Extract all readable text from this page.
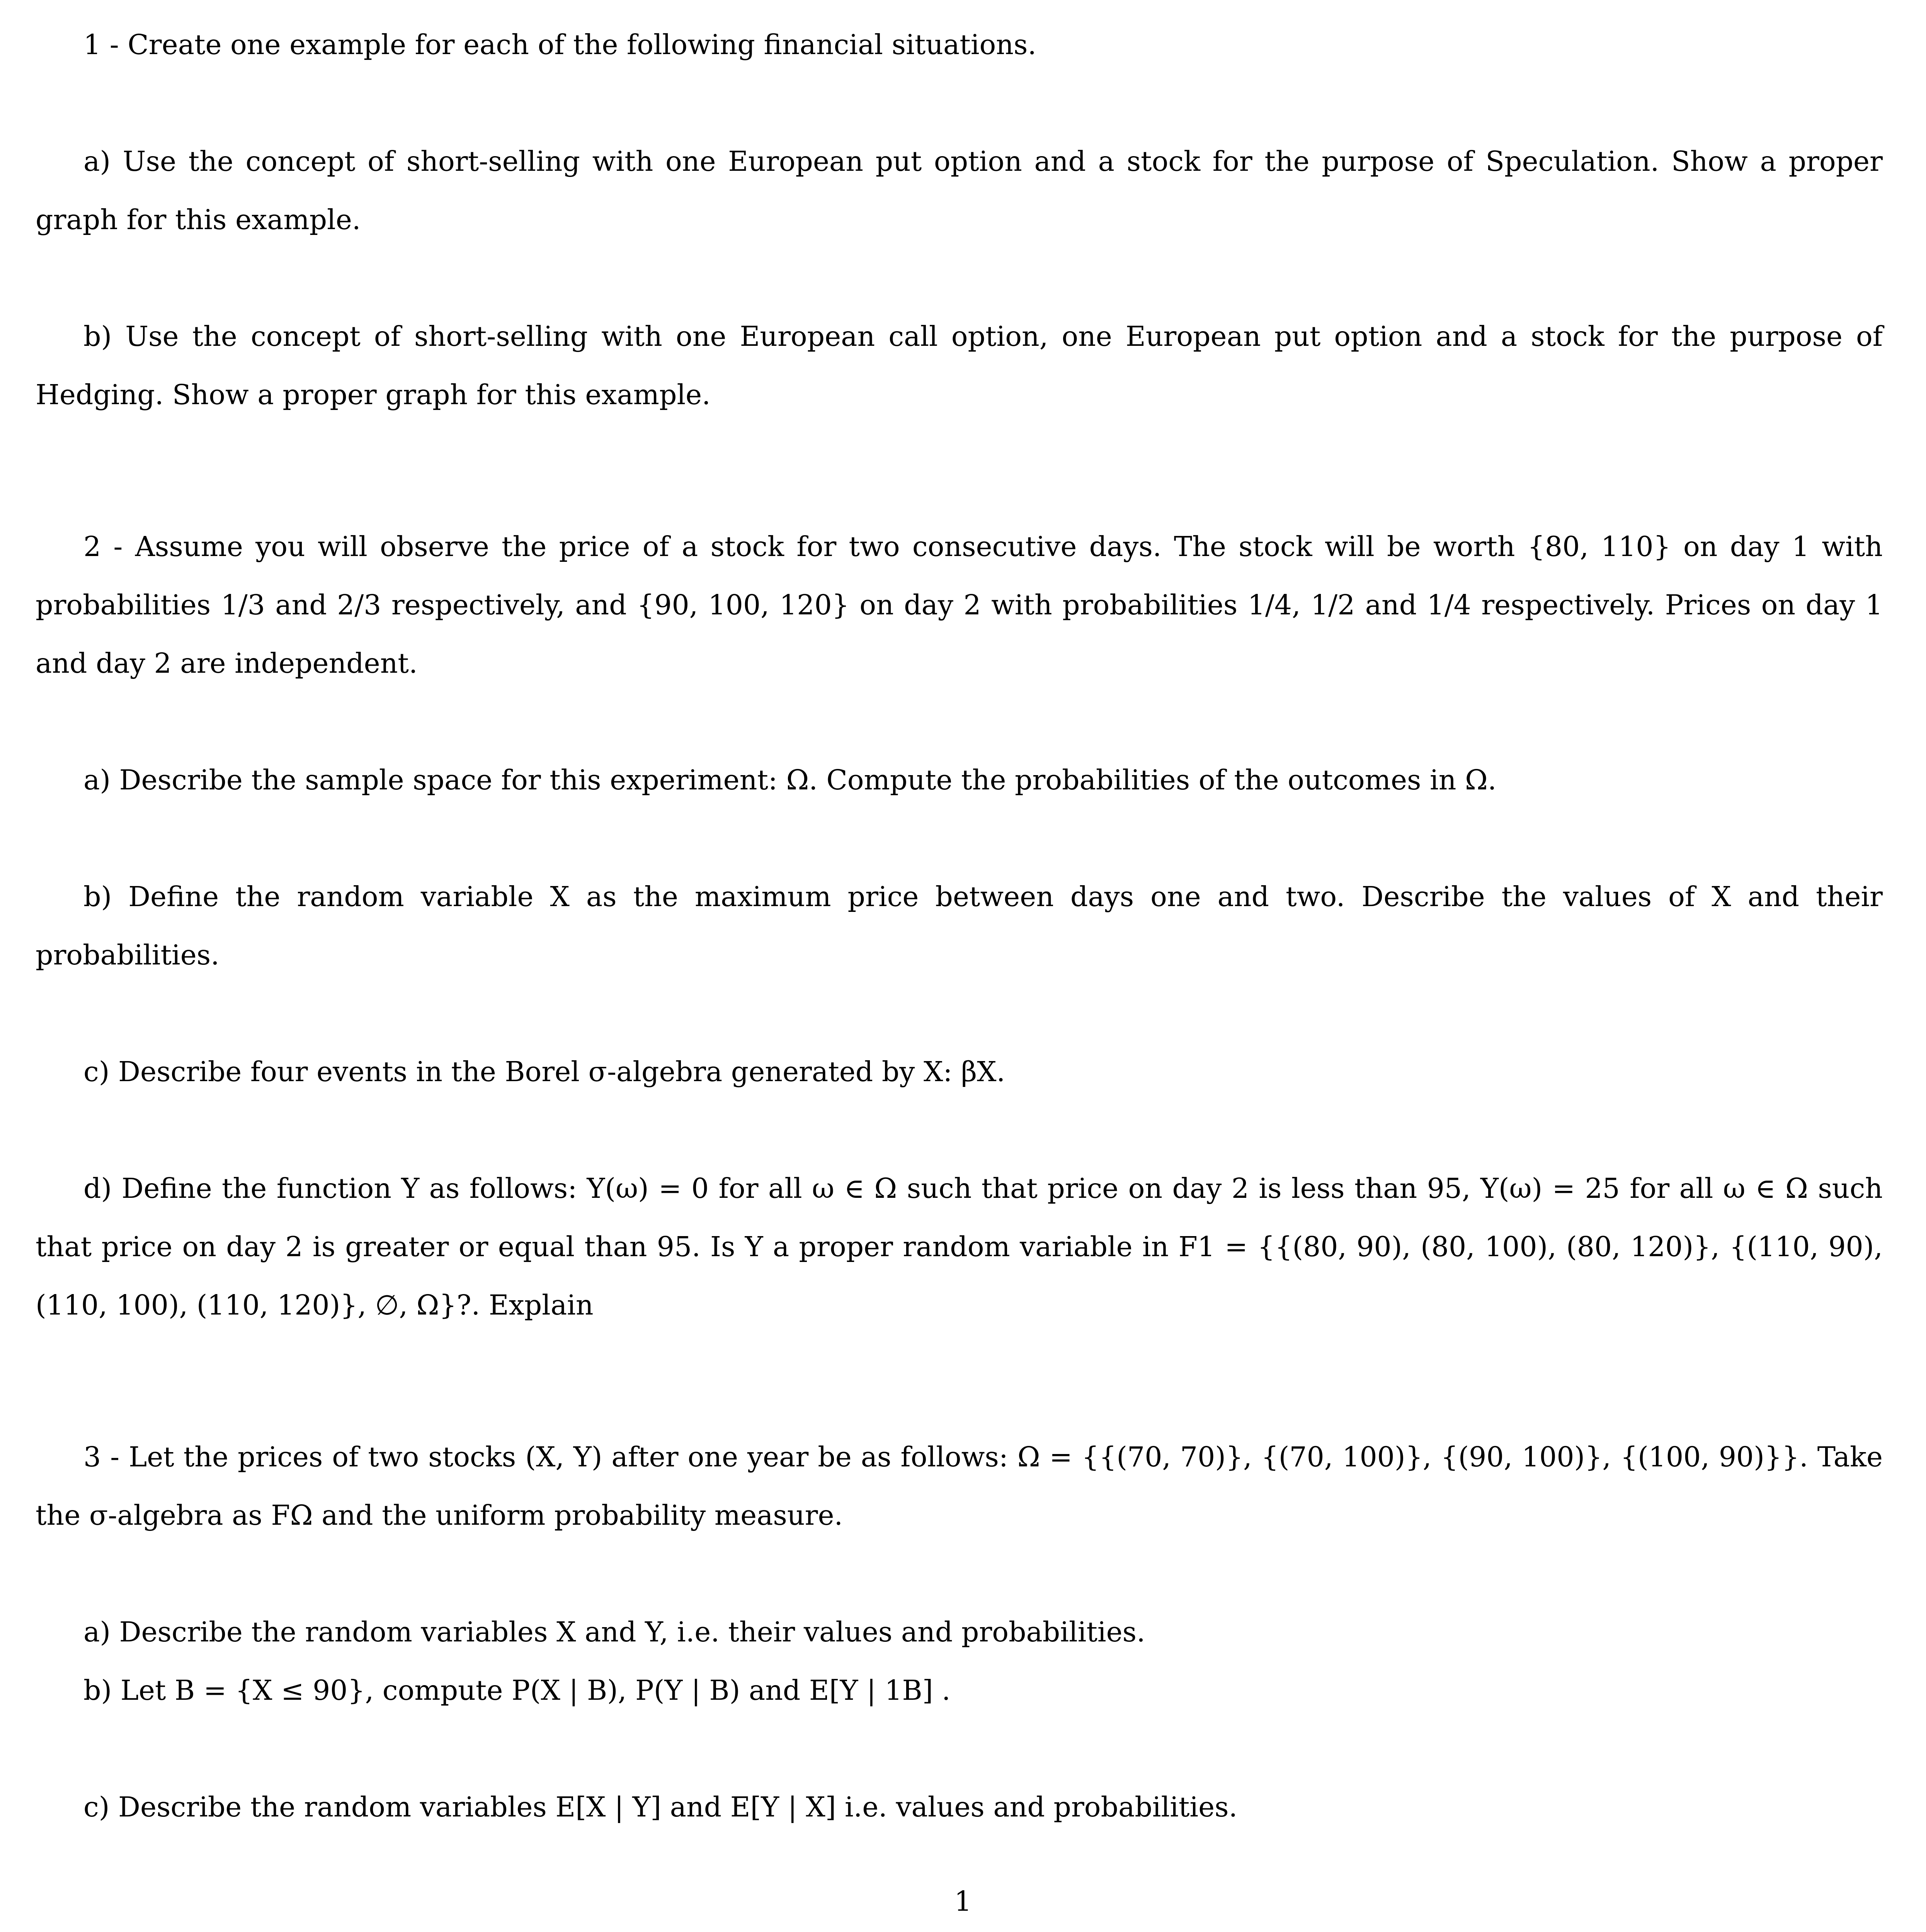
1 - Create one example for each of the following financial situations.

a) Use the concept of short-selling with one European put option and a stock for the purpose of Speculation. Show a proper graph for this example.

b) Use the concept of short-selling with one European call option, one European put option and a stock for the purpose of Hedging. Show a proper graph for this example.

2 - Assume you will observe the price of a stock for two consecutive days. The stock will be worth {80, 110} on day 1 with probabilities 1/3 and 2/3 respectively, and {90, 100, 120} on day 2 with probabilities 1/4, 1/2 and 1/4 respectively. Prices on day 1 and day 2 are independent.

a) Describe the sample space for this experiment: Ω. Compute the probabilities of the outcomes in Ω.

b) Define the random variable X as the maximum price between days one and two. Describe the values of X and their probabilities.

c) Describe four events in the Borel σ-algebra generated by X: βX.

d) Define the function Y as follows: Y(ω) = 0 for all ω ∈ Ω such that price on day 2 is less than 95, Y(ω) = 25 for all ω ∈ Ω such that price on day 2 is greater or equal than 95. Is Y a proper random variable in F1 = {{(80, 90), (80, 100), (80, 120)}, {(110, 90), (110, 100), (110, 120)}, ∅, Ω}?. Explain

3 - Let the prices of two stocks (X, Y) after one year be as follows: Ω = {{(70, 70)}, {(70, 100)}, {(90, 100)}, {(100, 90)}}. Take the σ-algebra as FΩ and the uniform probability measure.

a) Describe the random variables X and Y, i.e. their values and probabilities.

b) Let B = {X ≤ 90}, compute P(X | B), P(Y | B) and E[Y | 1B] .

c) Describe the random variables E[X | Y] and E[Y | X] i.e. values and probabilities.

1
